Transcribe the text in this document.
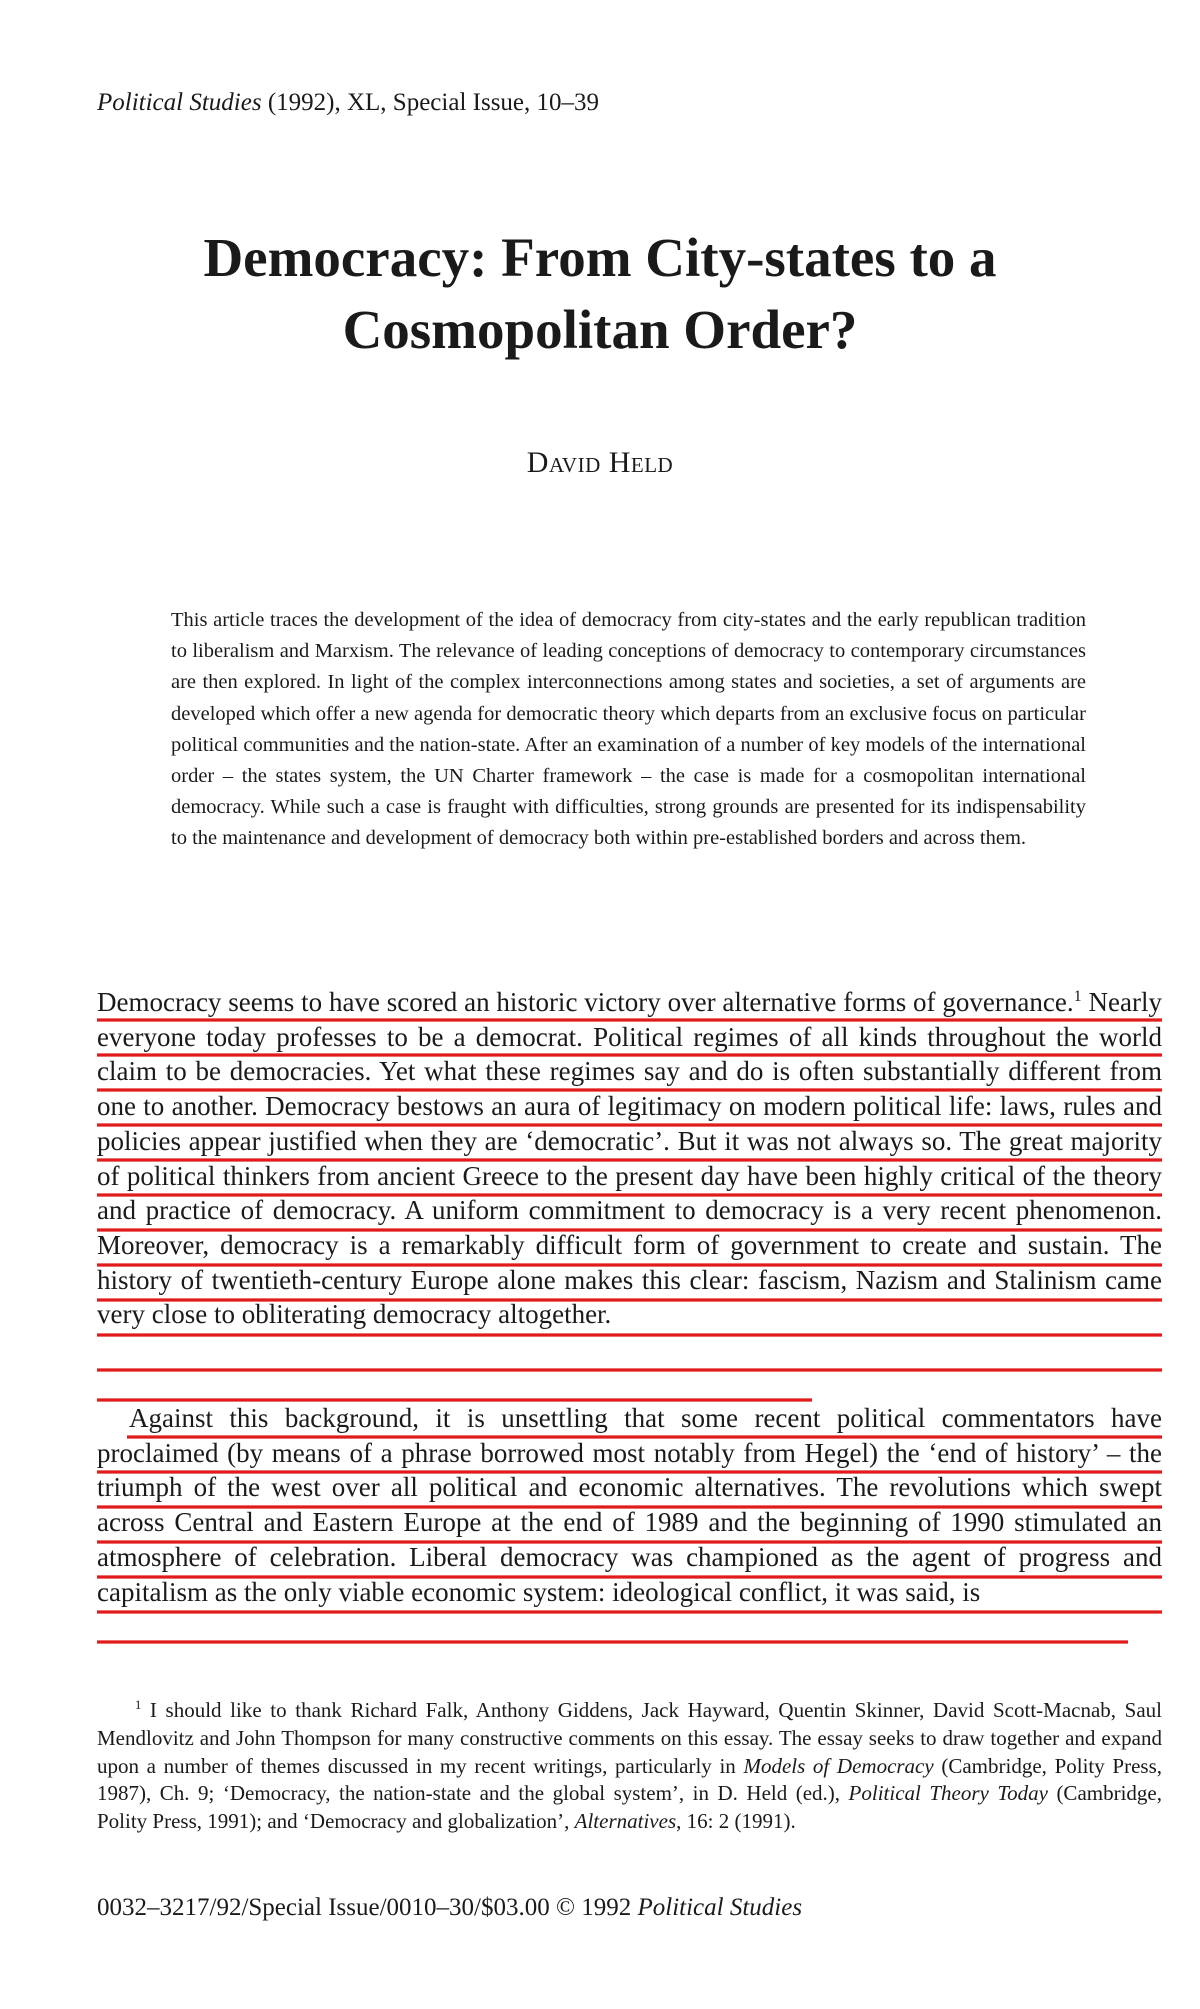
Political Studies (1992), XL, Special Issue, 10–39
Democracy: From City-states to a Cosmopolitan Order?
David Held

This article traces the development of the idea of democracy from city-states and the early republican tradition to liberalism and Marxism. The relevance of leading conceptions of democracy to contemporary circumstances are then explored. In light of the complex interconnections among states and societies, a set of arguments are developed which offer a new agenda for democratic theory which departs from an exclusive focus on particular political communities and the nation-state. After an examination of a number of key models of the international order – the states system, the UN Charter framework – the case is made for a cosmopolitan international democracy. While such a case is fraught with difficulties, strong grounds are presented for its indispensability to the maintenance and development of democracy both within pre-established borders and across them.

Democracy seems to have scored an historic victory over alternative forms of governance.$^1$ Nearly everyone today professes to be a democrat. Political regimes of all kinds throughout the world claim to be democracies. Yet what these regimes say and do is often substantially different from one to another. Democracy bestows an aura of legitimacy on modern political life: laws, rules and policies appear justified when they are ‘democratic’. But it was not always so. The great majority of political thinkers from ancient Greece to the present day have been highly critical of the theory and practice of democracy. A uniform commitment to democracy is a very recent phenomenon. Moreover, democracy is a remarkably difficult form of government to create and sustain. The history of twentieth-century Europe alone makes this clear: fascism, Nazism and Stalinism came very close to obliterating democracy altogether.

Against this background, it is unsettling that some recent political commentators have proclaimed (by means of a phrase borrowed most notably from Hegel) the ‘end of history’ – the triumph of the west over all political and economic alternatives. The revolutions which swept across Central and Eastern Europe at the end of 1989 and the beginning of 1990 stimulated an atmosphere of celebration. Liberal democracy was championed as the agent of progress and capitalism as the only viable economic system: ideological conflict, it was said, is

$^1$ I should like to thank Richard Falk, Anthony Giddens, Jack Hayward, Quentin Skinner, David Scott-Macnab, Saul Mendlovitz and John Thompson for many constructive comments on this essay. The essay seeks to draw together and expand upon a number of themes discussed in my recent writings, particularly in Models of Democracy (Cambridge, Polity Press, 1987), Ch. 9; ‘Democracy, the nation-state and the global system’, in D. Held (ed.), Political Theory Today (Cambridge, Polity Press, 1991); and ‘Democracy and globalization’, Alternatives, 16: 2 (1991).

0032–3217/92/Special Issue/0010–30/$03.00 © 1992 Political Studies
